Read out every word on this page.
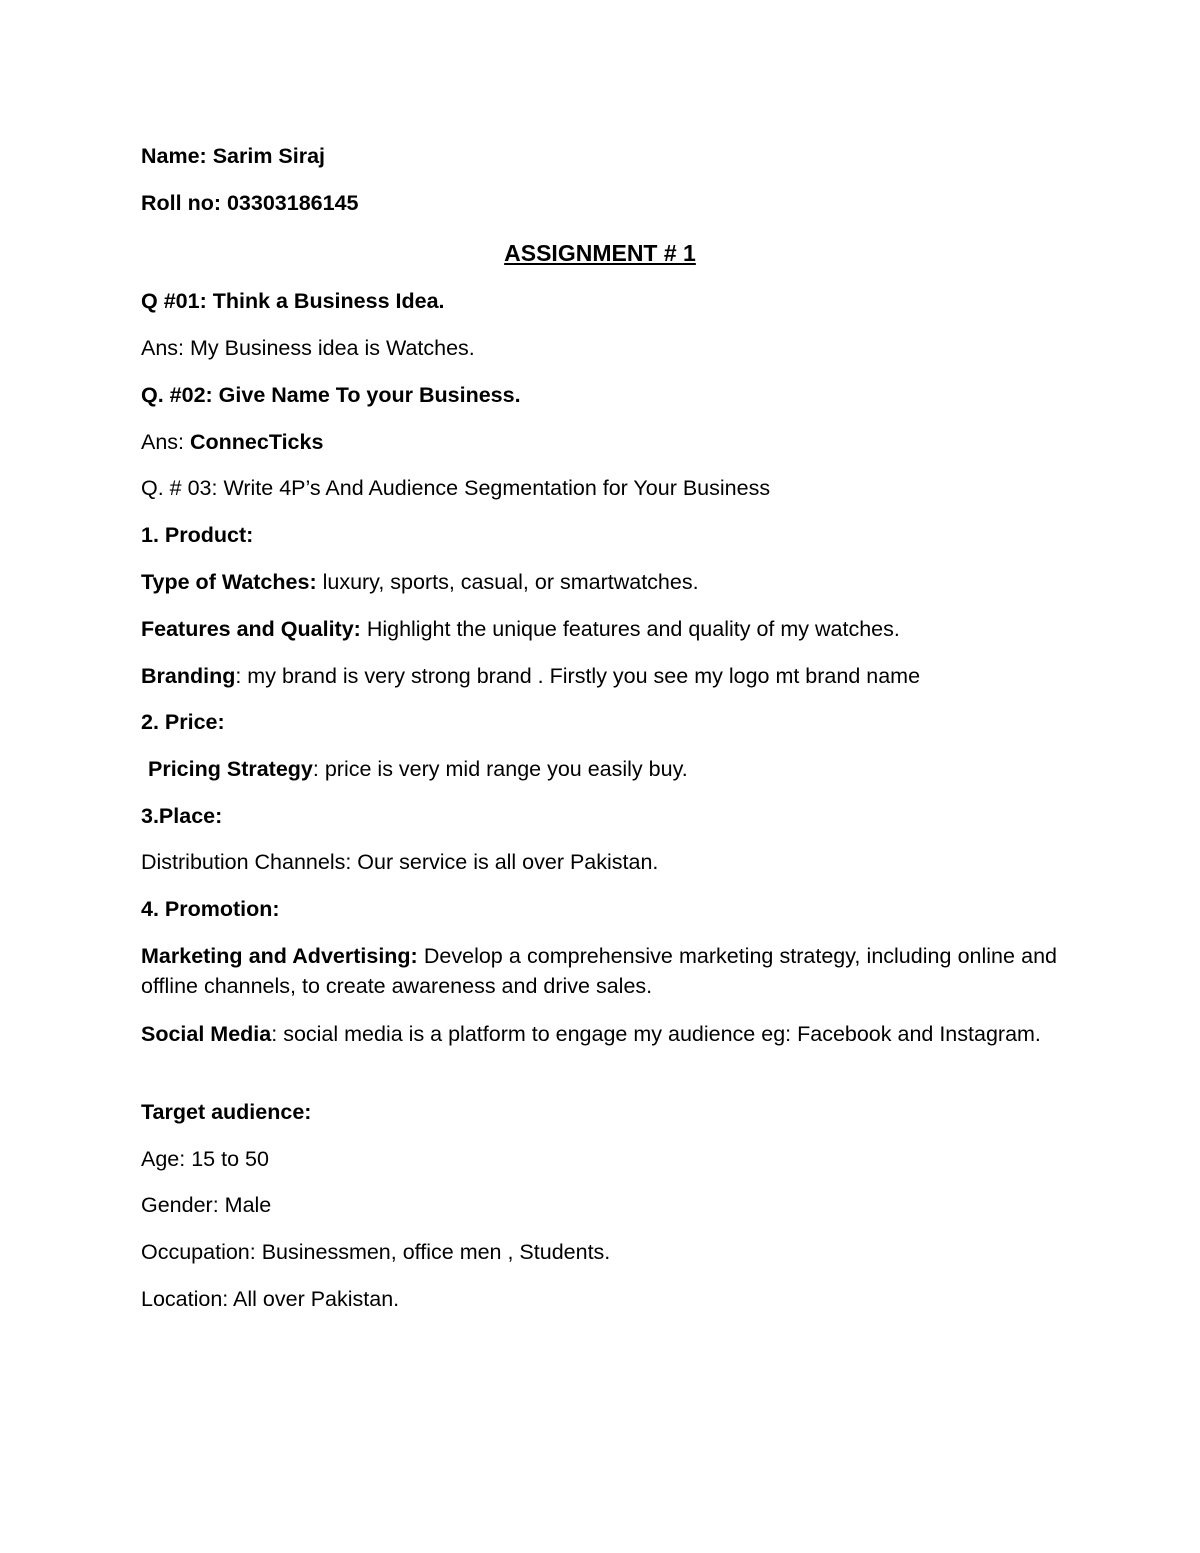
Name: Sarim Siraj
Roll no: 03303186145
ASSIGNMENT # 1
Q #01: Think a Business Idea.
Ans: My Business idea is Watches.
Q. #02: Give Name To your Business.
Ans: ConnecTicks
Q. # 03: Write 4P’s And Audience Segmentation for Your Business
1. Product:
Type of Watches: luxury, sports, casual, or smartwatches.
Features and Quality: Highlight the unique features and quality of my watches.
Branding: my brand is very strong brand . Firstly you see my logo mt brand name
2. Price:
Pricing Strategy: price is very mid range you easily buy.
3.Place:
Distribution Channels: Our service is all over Pakistan.
4. Promotion:
Marketing and Advertising: Develop a comprehensive marketing strategy, including online and offline channels, to create awareness and drive sales.
Social Media: social media is a platform to engage my audience eg: Facebook and Instagram.
Target audience:
Age: 15 to 50
Gender: Male
Occupation: Businessmen, office men , Students.
Location: All over Pakistan.
